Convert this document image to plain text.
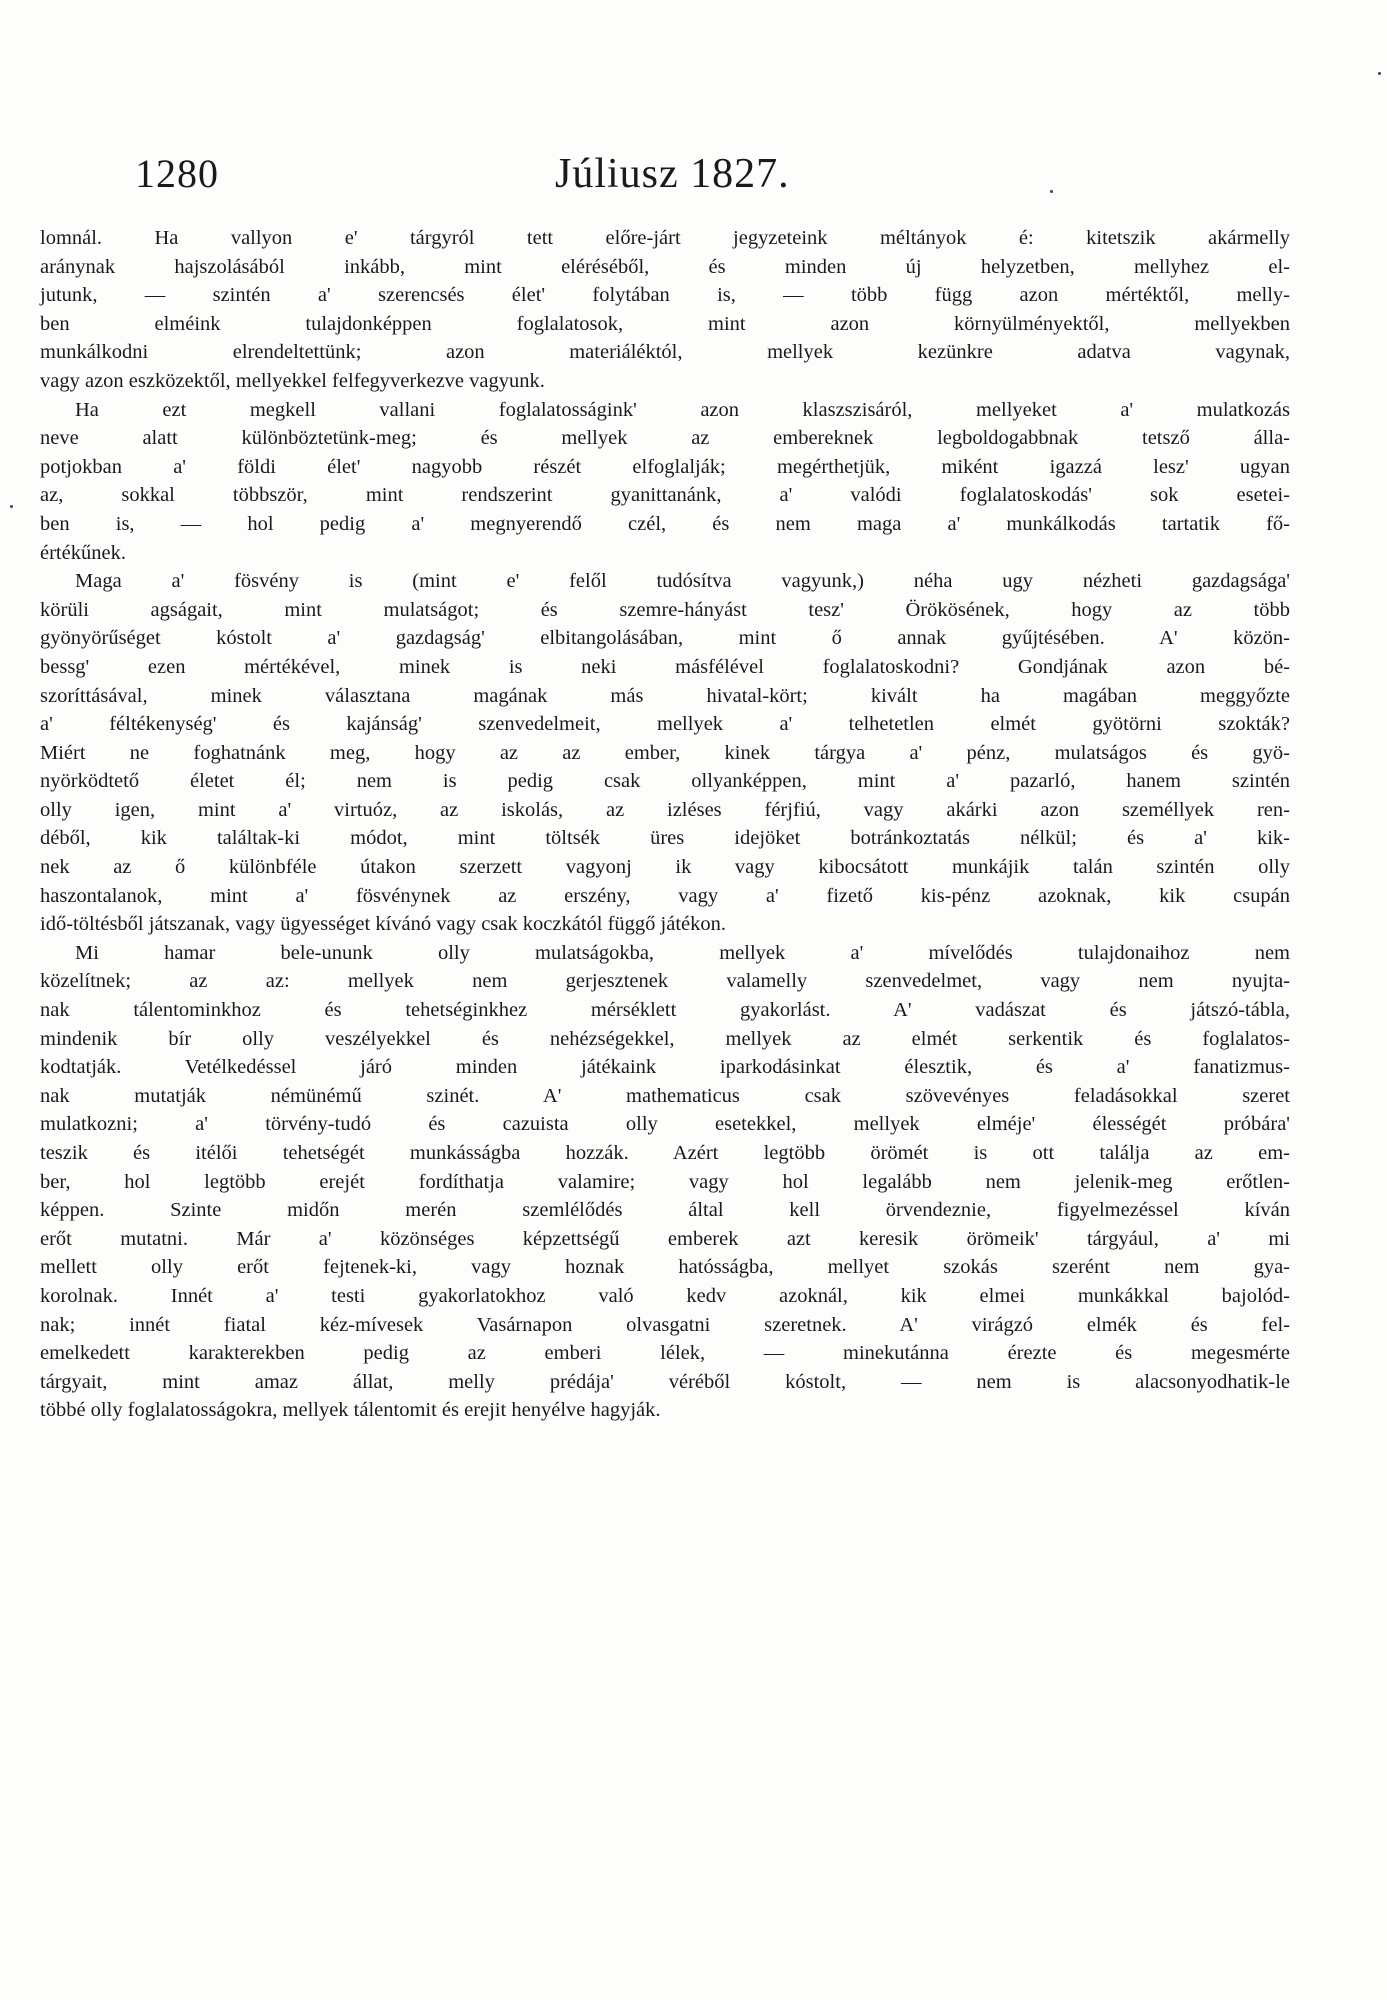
1280	Júliusz 1827.
lomnál. Ha vallyon e' tárgyról tett előre-járt jegyzeteink méltányok é: kitetszik akármelly
aránynak hajszolásából inkább, mint eléréséből, és minden új helyzetben, mellyhez el-
jutunk, — szintén a' szerencsés élet' folytában is, — több függ azon mértéktől, melly-
ben elméink tulajdonképpen foglalatosok, mint azon környülményektől, mellyekben
munkálkodni elrendeltettünk; azon materiáléktól, mellyek kezünkre adatva vagynak,
vagy azon eszközektől, mellyekkel felfegyverkezve vagyunk.
Ha ezt megkell vallani foglalatosságink' azon klaszszisáról, mellyeket a' mulatkozás
neve alatt különböztetünk-meg; és mellyek az embereknek legboldogabbnak tetsző álla-
potjokban a' földi élet' nagyobb részét elfoglalják; megérthetjük, miként igazzá lesz' ugyan
az, sokkal többször, mint rendszerint gyanittanánk, a' valódi foglalatoskodás' sok esetei-
ben is, — hol pedig a' megnyerendő czél, és nem maga a' munkálkodás tartatik fő-
értékűnek.
Maga a' fösvény is (mint e' felől tudósítva vagyunk,) néha ugy nézheti gazdagsága'
körüli agságait, mint mulatságot; és szemre-hányást tesz' Örökösének, hogy az több
gyönyörűséget kóstolt a' gazdagság' elbitangolásában, mint ő annak gyűjtésében. A' közön-
bessg' ezen mértékével, minek is neki másfélével foglalatoskodni? Gondjának azon bé-
szoríttásával, minek választana magának más hivatal-kört; kivált ha magában meggyőzte
a' féltékenység' és kajánság' szenvedelmeit, mellyek a' telhetetlen elmét gyötörni szokták?
Miért ne foghatnánk meg, hogy az az ember, kinek tárgya a' pénz, mulatságos és gyö-
nyörködtető életet él; nem is pedig csak ollyanképpen, mint a' pazarló, hanem szintén
olly igen, mint a' virtuóz, az iskolás, az izléses férjfiú, vagy akárki azon személlyek ren-
déből, kik találtak-ki módot, mint töltsék üres idejöket botránkoztatás nélkül; és a' kik-
nek az ő különbféle útakon szerzett vagyonj ik vagy kibocsátott munkájik talán szintén olly
haszontalanok, mint a' fösvénynek az erszény, vagy a' fizető kis-pénz azoknak, kik csupán
idő-töltésből játszanak, vagy ügyességet kívánó vagy csak koczkától függő játékon.
Mi hamar bele-ununk olly mulatságokba, mellyek a' mívelődés tulajdonaihoz nem
közelítnek; az az: mellyek nem gerjesztenek valamelly szenvedelmet, vagy nem nyujta-
nak tálentominkhoz és tehetséginkhez mérséklett gyakorlást. A' vadászat és játszó-tábla,
mindenik bír olly veszélyekkel és nehézségekkel, mellyek az elmét serkentik és foglalatos-
kodtatják. Vetélkedéssel járó minden játékaink iparkodásinkat élesztik, és a' fanatizmus-
nak mutatják némünémű szinét. A' mathematicus csak szövevényes feladásokkal szeret
mulatkozni; a' törvény-tudó és cazuista olly esetekkel, mellyek elméje' élességét próbára'
teszik és itélői tehetségét munkásságba hozzák. Azért legtöbb örömét is ott találja az em-
ber, hol legtöbb erejét fordíthatja valamire; vagy hol legalább nem jelenik-meg erőtlen-
képpen. Szinte midőn merén szemlélődés által kell örvendeznie, figyelmezéssel kíván
erőt mutatni. Már a' közönséges képzettségű emberek azt keresik örömeik' tárgyául, a' mi
mellett olly erőt fejtenek-ki, vagy hoznak hatósságba, mellyet szokás szerént nem gya-
korolnak. Innét a' testi gyakorlatokhoz való kedv azoknál, kik elmei munkákkal bajolód-
nak; innét fiatal kéz-mívesek Vasárnapon olvasgatni szeretnek. A' virágzó elmék és fel-
emelkedett karakterekben pedig az emberi lélek, — minekutánna érezte és megesmérte
tárgyait, mint amaz állat, melly prédája' véréből kóstolt, — nem is alacsonyodhatik-le
többé olly foglalatosságokra, mellyek tálentomit és erejit henyélve hagyják.
